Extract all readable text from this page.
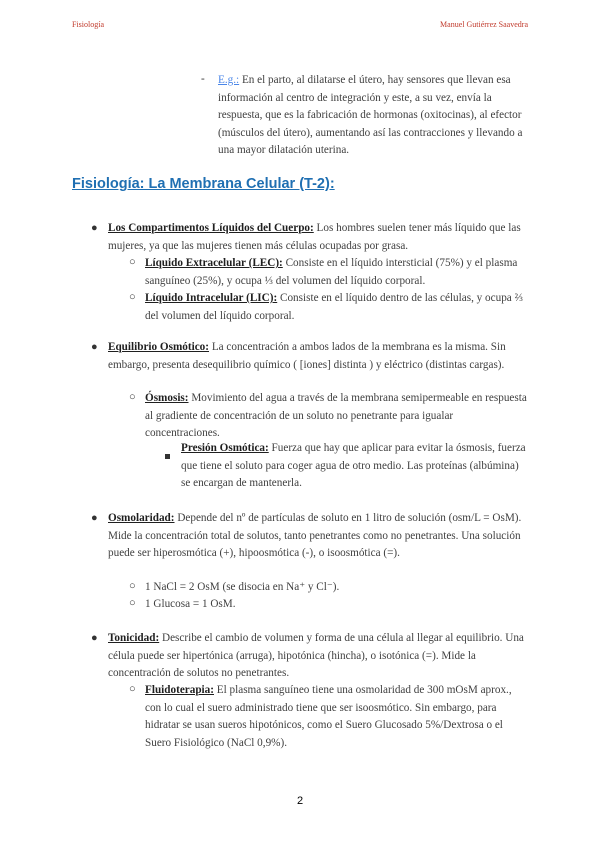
Fisiología	Manuel Gutiérrez Saavedra
- E.g.: En el parto, al dilatarse el útero, hay sensores que llevan esa información al centro de integración y este, a su vez, envía la respuesta, que es la fabricación de hormonas (oxitocinas), al efector (músculos del útero), aumentando así las contracciones y llevando a una mayor dilatación uterina.
Fisiología: La Membrana Celular (T-2):
● Los Compartimentos Líquidos del Cuerpo: Los hombres suelen tener más líquido que las mujeres, ya que las mujeres tienen más células ocupadas por grasa.
○ Líquido Extracelular (LEC): Consiste en el líquido intersticial (75%) y el plasma sanguíneo (25%), y ocupa ⅓ del volumen del líquido corporal.
○ Líquido Intracelular (LIC): Consiste en el líquido dentro de las células, y ocupa ⅔ del volumen del líquido corporal.
● Equilibrio Osmótico: La concentración a ambos lados de la membrana es la misma. Sin embargo, presenta desequilibrio químico ( [iones] distinta ) y eléctrico (distintas cargas).
○ Ósmosis: Movimiento del agua a través de la membrana semipermeable en respuesta al gradiente de concentración de un soluto no penetrante para igualar concentraciones.
Presión Osmótica: Fuerza que hay que aplicar para evitar la ósmosis, fuerza que tiene el soluto para coger agua de otro medio. Las proteínas (albúmina) se encargan de mantenerla.
● Osmolaridad: Depende del nº de partículas de soluto en 1 litro de solución (osm/L = OsM). Mide la concentración total de solutos, tanto penetrantes como no penetrantes. Una solución puede ser hiperosmótica (+), hipoosmótica (-), o isoosmótica (=).
○ 1 NaCl = 2 OsM (se disocia en Na⁺ y Cl⁻).
○ 1 Glucosa = 1 OsM.
● Tonicidad: Describe el cambio de volumen y forma de una célula al llegar al equilibrio. Una célula puede ser hipertónica (arruga), hipotónica (hincha), o isotónica (=). Mide la concentración de solutos no penetrantes.
○ Fluidoterapia: El plasma sanguíneo tiene una osmolaridad de 300 mOsM aprox., con lo cual el suero administrado tiene que ser isoosmótico. Sin embargo, para hidratar se usan sueros hipotónicos, como el Suero Glucosado 5%/Dextrosa o el Suero Fisiológico (NaCl 0,9%).
2
